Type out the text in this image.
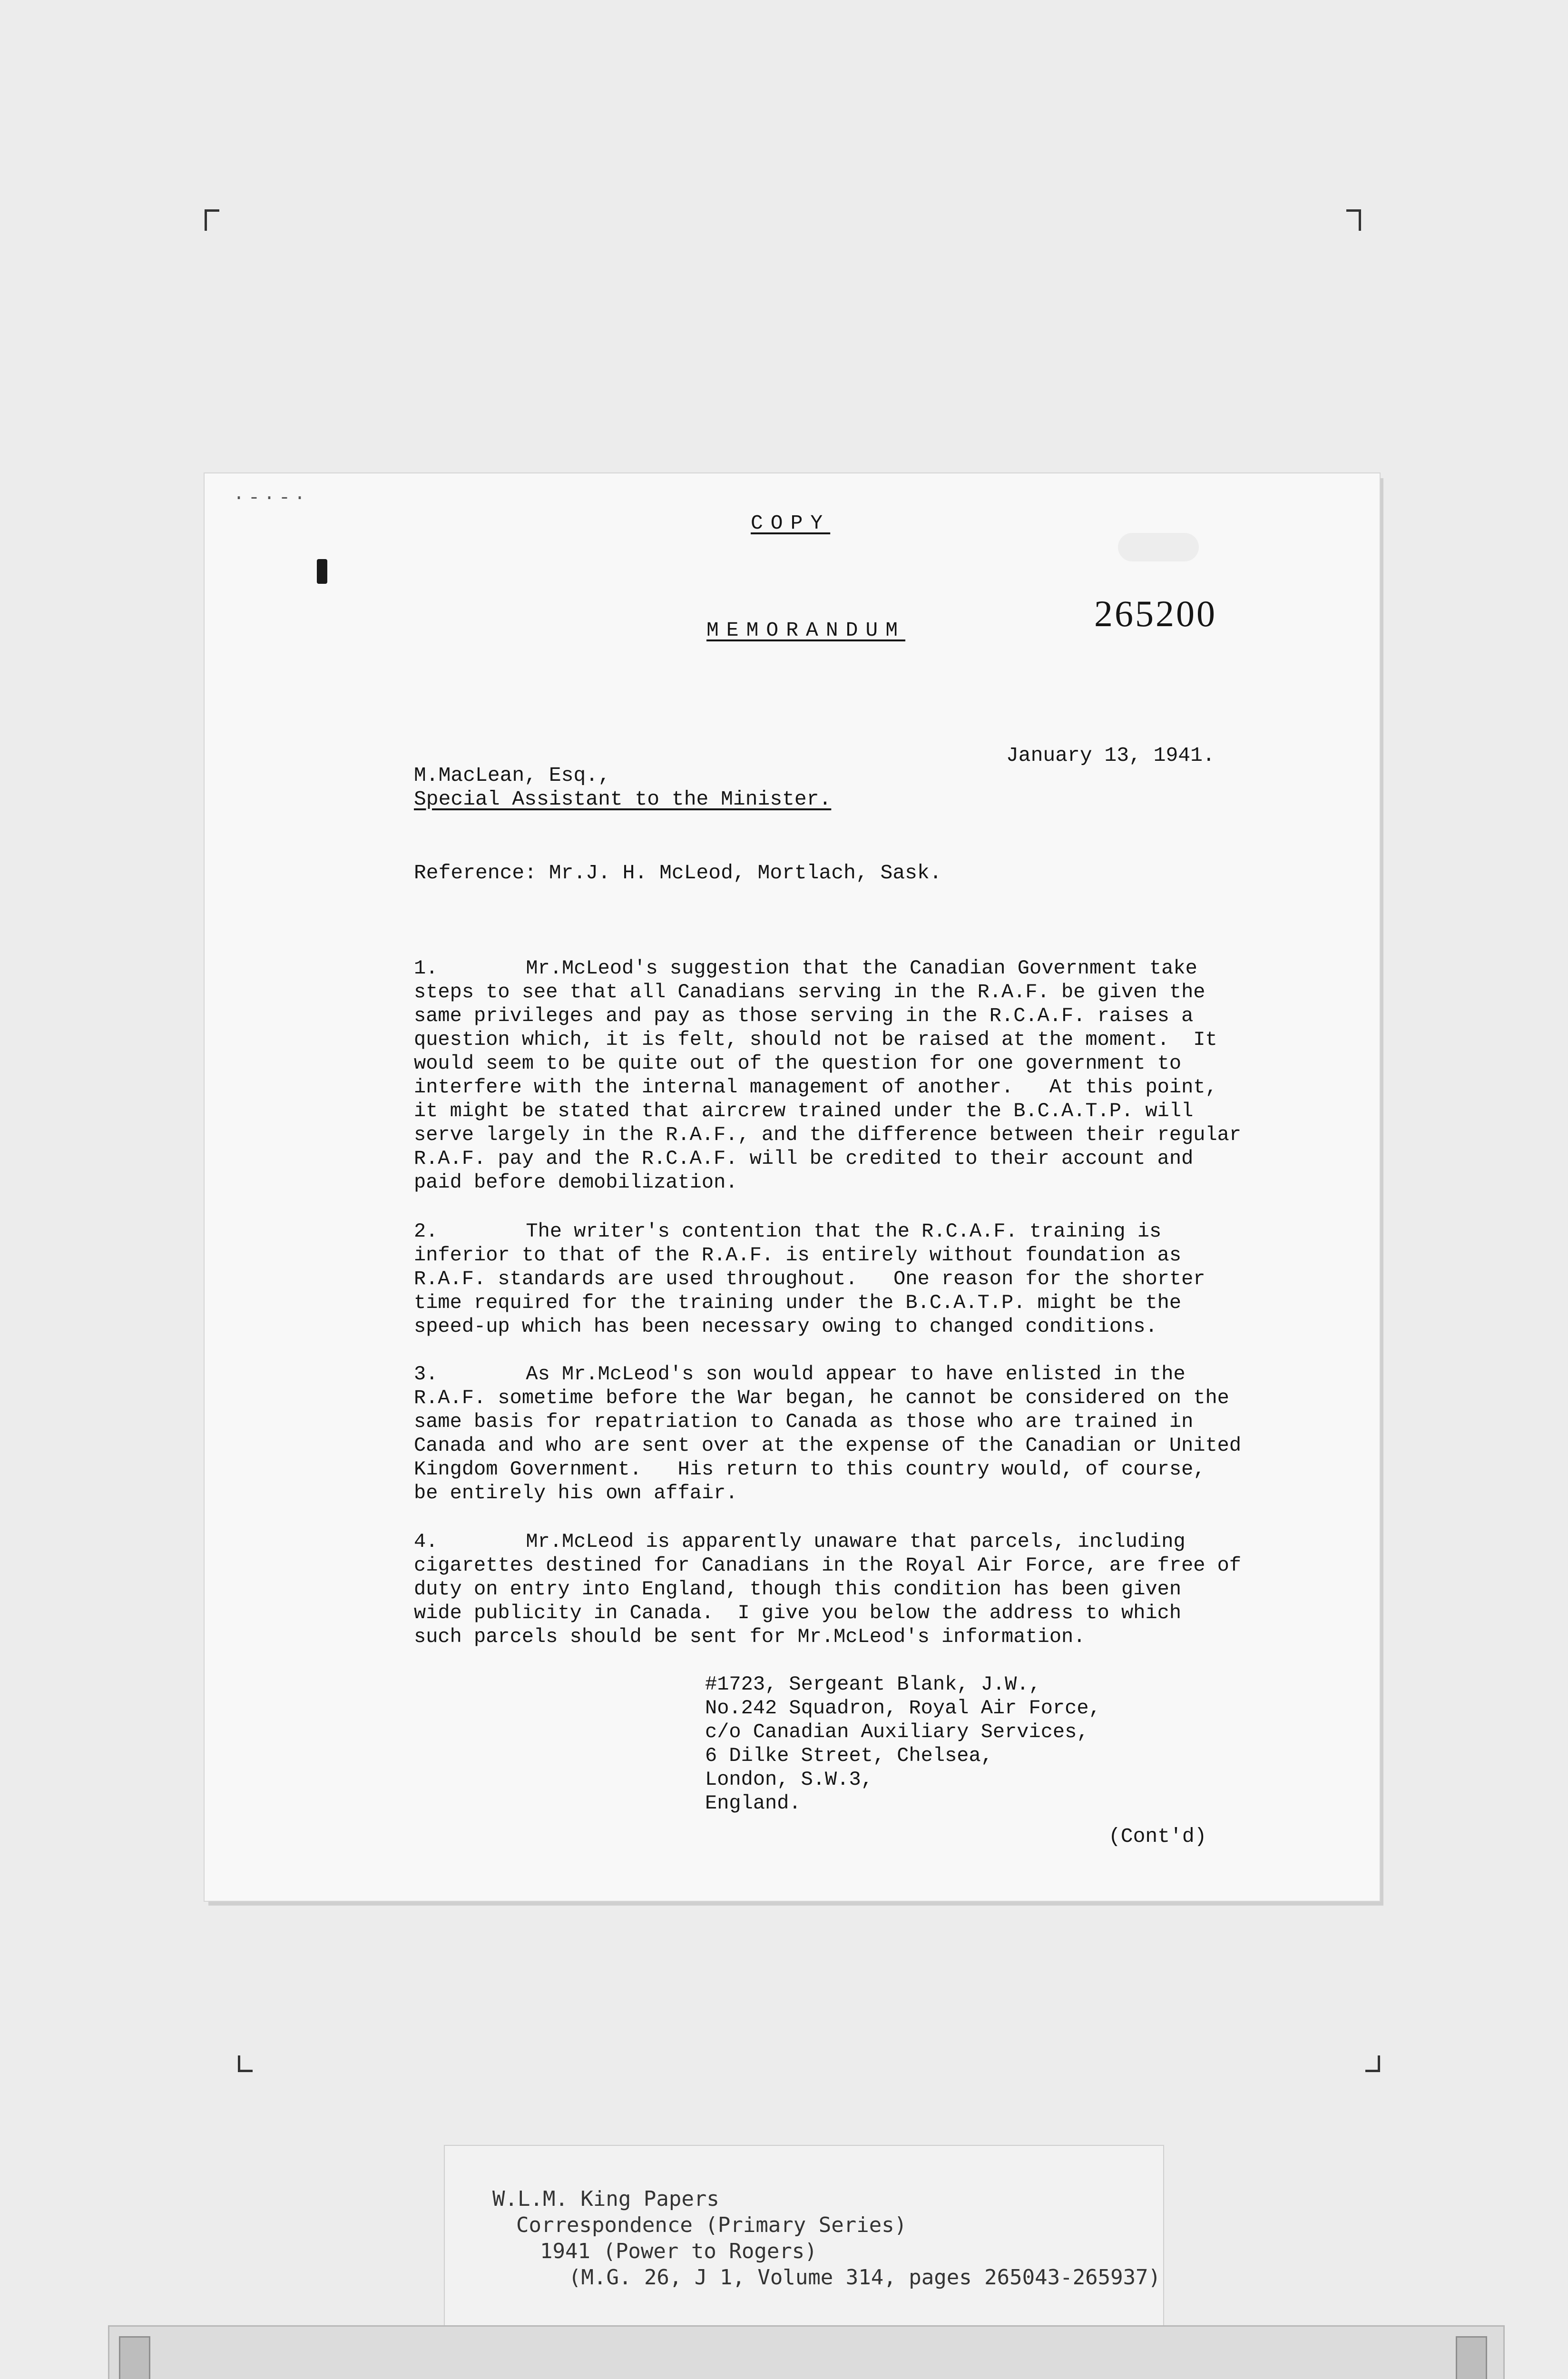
·-·-·
COPY
265200
MEMORANDUM
January 13, 1941.
M.MacLean, Esq.,
Special Assistant to the Minister.
Reference: Mr.J. H. McLeod, Mortlach, Sask.
1.	Mr.McLeod's suggestion that the Canadian Government take
steps to see that all Canadians serving in the R.A.F. be given the
same privileges and pay as those serving in the R.C.A.F. raises a
question which, it is felt, should not be raised at the moment.  It
would seem to be quite out of the question for one government to
interfere with the internal management of another.   At this point,
it might be stated that aircrew trained under the B.C.A.T.P. will
serve largely in the R.A.F., and the difference between their regular
R.A.F. pay and the R.C.A.F. will be credited to their account and
paid before demobilization.
2.	The writer's contention that the R.C.A.F. training is
inferior to that of the R.A.F. is entirely without foundation as
R.A.F. standards are used throughout.   One reason for the shorter
time required for the training under the B.C.A.T.P. might be the
speed-up which has been necessary owing to changed conditions.
3.	As Mr.McLeod's son would appear to have enlisted in the
R.A.F. sometime before the War began, he cannot be considered on the
same basis for repatriation to Canada as those who are trained in
Canada and who are sent over at the expense of the Canadian or United
Kingdom Government.   His return to this country would, of course,
be entirely his own affair.
4.	Mr.McLeod is apparently unaware that parcels, including
cigarettes destined for Canadians in the Royal Air Force, are free of
duty on entry into England, though this condition has been given
wide publicity in Canada.  I give you below the address to which
such parcels should be sent for Mr.McLeod's information.
#1723, Sergeant Blank, J.W.,
No.242 Squadron, Royal Air Force,
c/o Canadian Auxiliary Services,
6 Dilke Street, Chelsea,
London, S.W.3,
England.
(Cont'd)
W.L.M. King Papers
Correspondence (Primary Series)
1941 (Power to Rogers)
(M.G. 26, J 1, Volume 314, pages 265043-265937)
